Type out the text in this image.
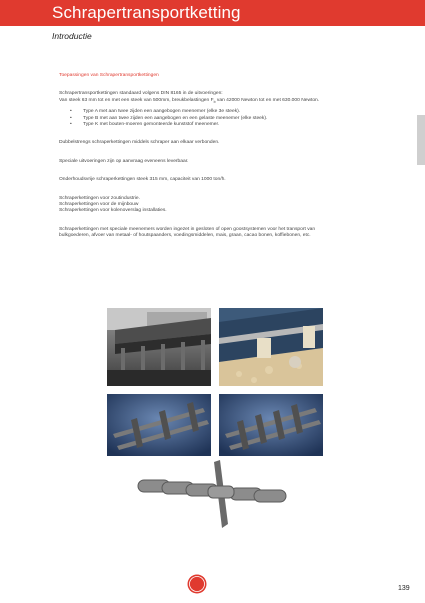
Schrapertransportketting
Introductie

Toepassingen van Schrapertransportkettingen

Schrapertransportkettingen standaard volgens DIN 8165 in de uitvoeringen:

Van steek 63 mm tot en met een steek van 500mm, breukbelastingen $F_b$ van 42000 Newton tot en met 630.000 Newton.

• Type A met aan twee zijden een aangebogen meenemer (elke 3e steek).
• Type B met aan twee zijden een aangebogen en een gelaste meenemer (elke steek).
• Type K met bouten-moeren gemonteerde kunststof meenemer.

Dubbelstrengs schraperkettingen middels schraper aan elkaar verbonden.

Speciale uitvoeringen zijn op aanvraag eveneens leverbaar.

Onderhoudsvrije schraperkettingen steek 315 mm, capaciteit van 1000 ton/h.

Schraperkettingen voor zoutindustrie.

Schraperkettingen voor de mijnbouw

Schraperkettingen voor kolenoverslag installaties.

Schraperkettingen met speciale meenemers worden ingezet in gesloten of open goostsystemen voor het transport van

bulkgoederen, afvoer van metaal- of houtspaanders, voedingsmiddelen, mais, graan, cacao bonen, koffiebonen, etc.

139
